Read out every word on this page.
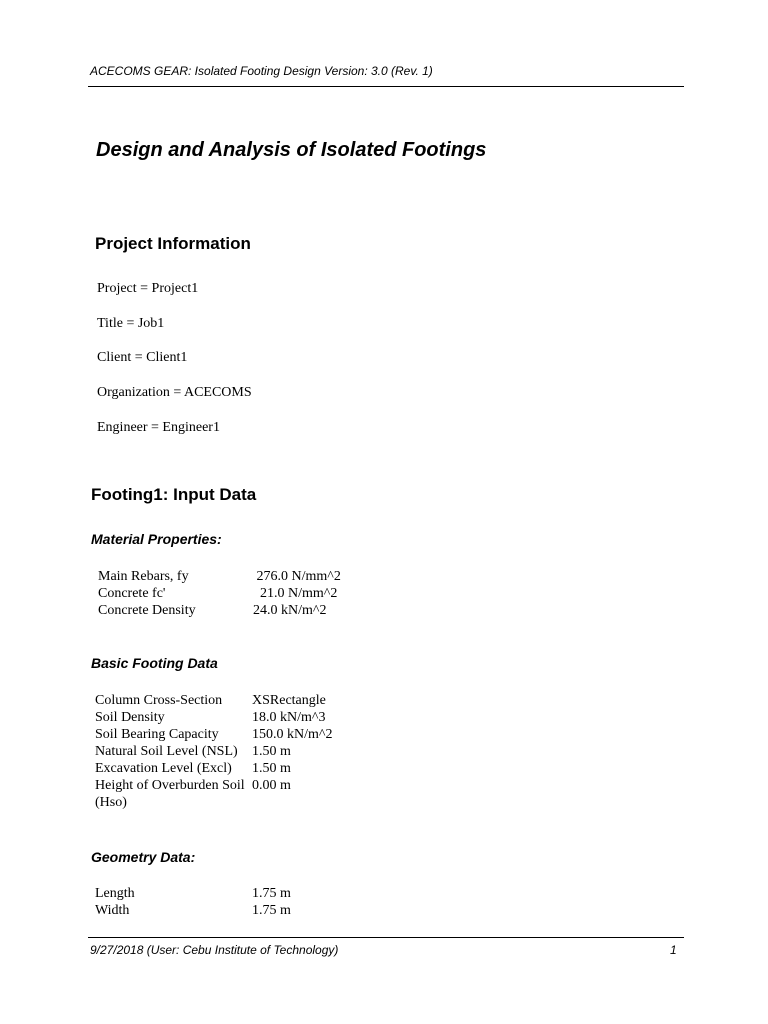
ACECOMS GEAR: Isolated Footing Design Version: 3.0 (Rev. 1)
Design and Analysis of Isolated Footings
Project Information
Project = Project1
Title = Job1
Client = Client1
Organization = ACECOMS
Engineer = Engineer1
Footing1: Input Data
Material Properties:
Main Rebars, fy	276.0 N/mm^2
Concrete fc'	21.0 N/mm^2
Concrete Density	24.0 kN/m^2
Basic Footing Data
Column Cross-Section	XSRectangle
Soil Density	18.0 kN/m^3
Soil Bearing Capacity	150.0 kN/m^2
Natural Soil Level (NSL)	1.50 m
Excavation Level (Excl)	1.50 m
Height of Overburden Soil (Hso)	0.00 m
Geometry Data:
Length	1.75 m
Width	1.75 m
9/27/2018 (User: Cebu Institute of Technology)	1
